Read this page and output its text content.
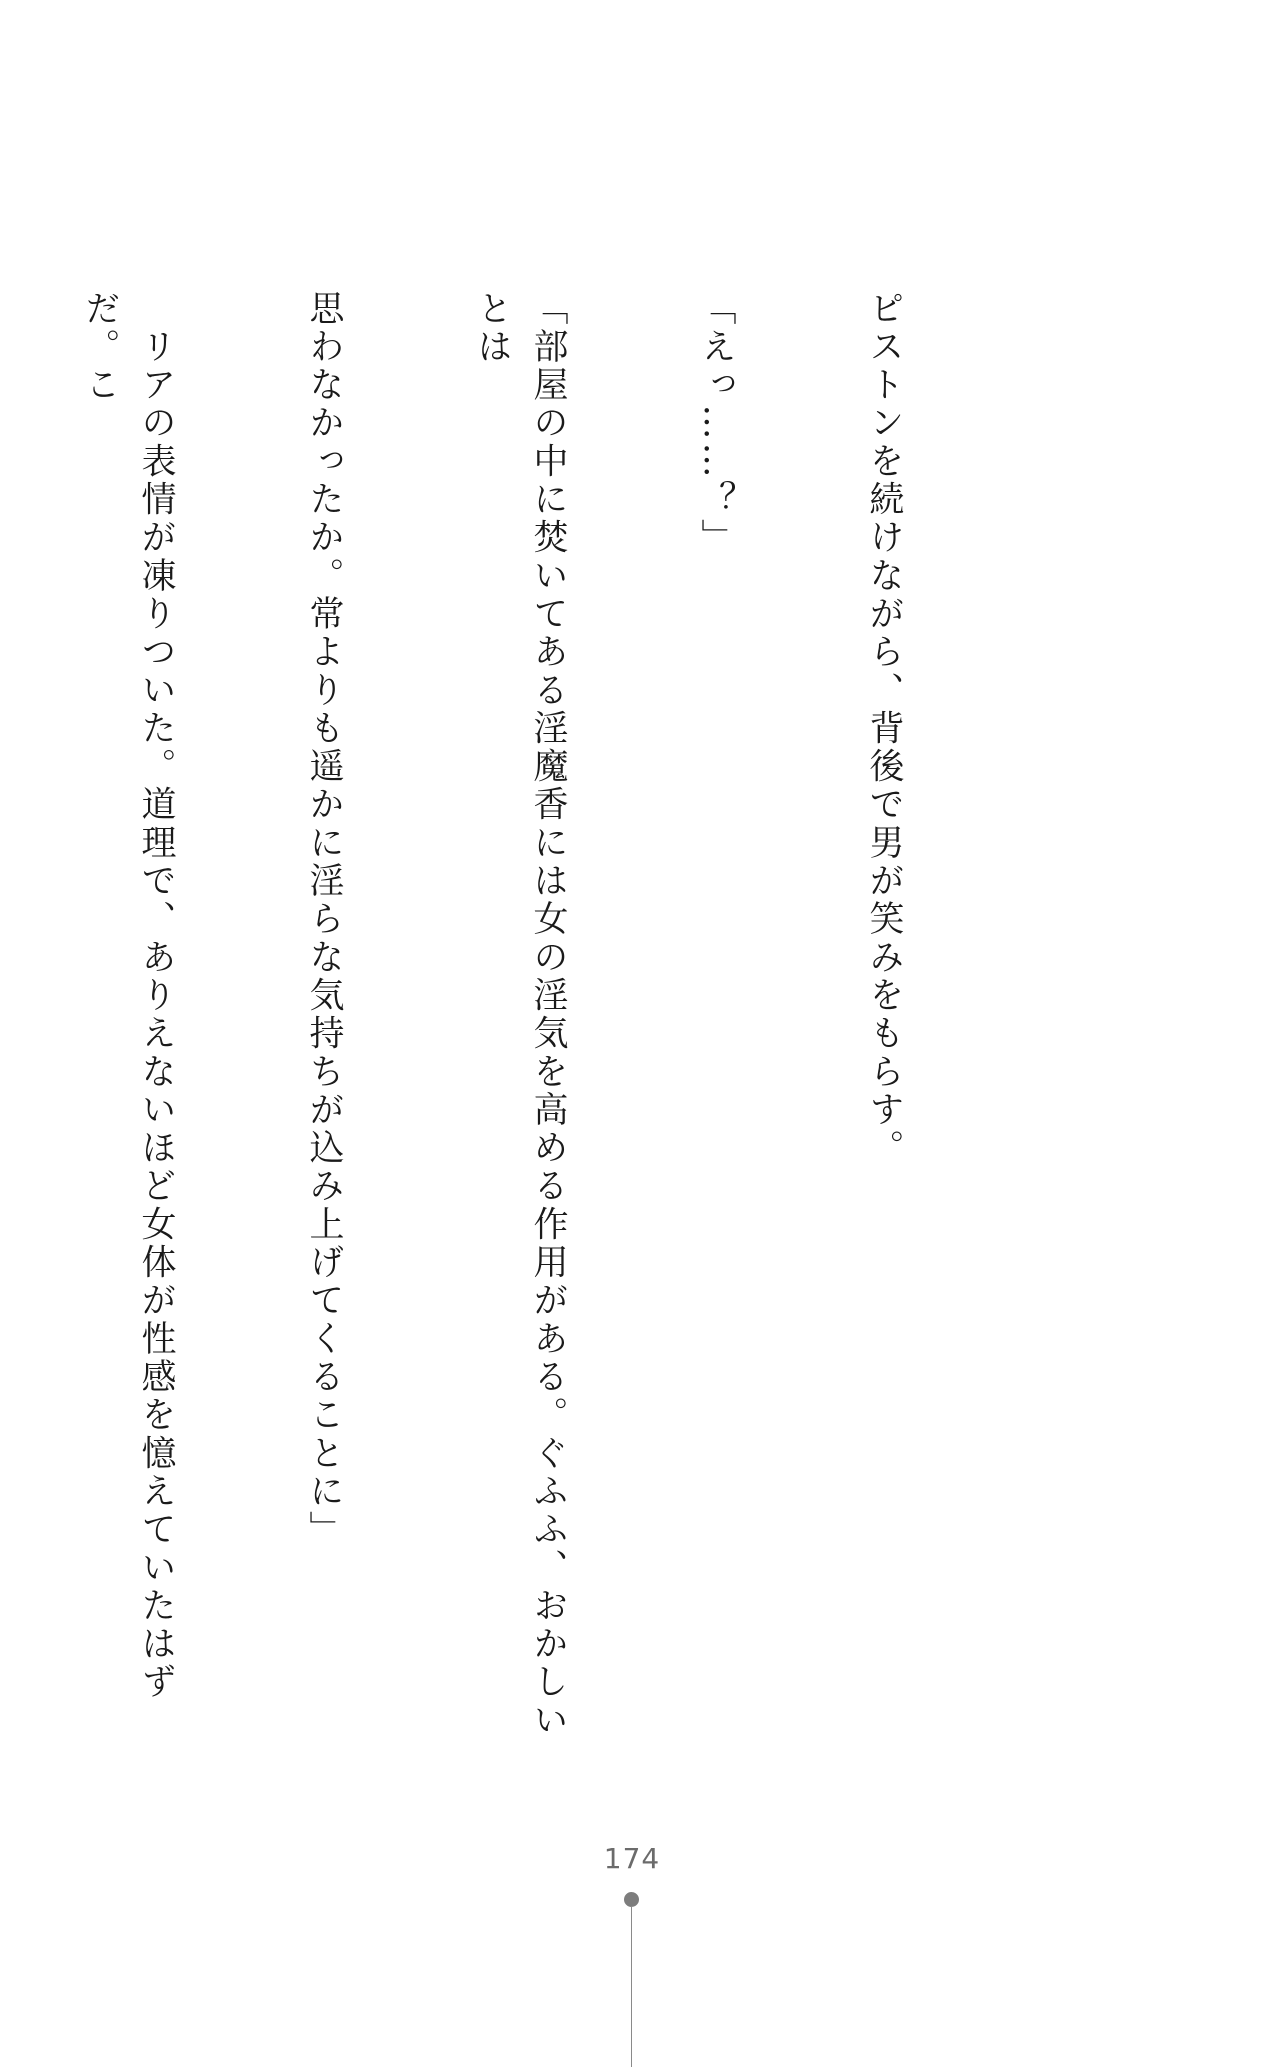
ピストンを続けながら、背後で男が笑みをもらす。

「えっ……？」

「部屋の中に焚いてある淫魔香には女の淫気を高める作用がある。ぐふふ、おかしいとは

思わなかったか。常よりも遥かに淫らな気持ちが込み上げてくることに」

　リアの表情が凍りついた。道理で、ありえないほど女体が性感を憶えていたはずだ。こ

174
